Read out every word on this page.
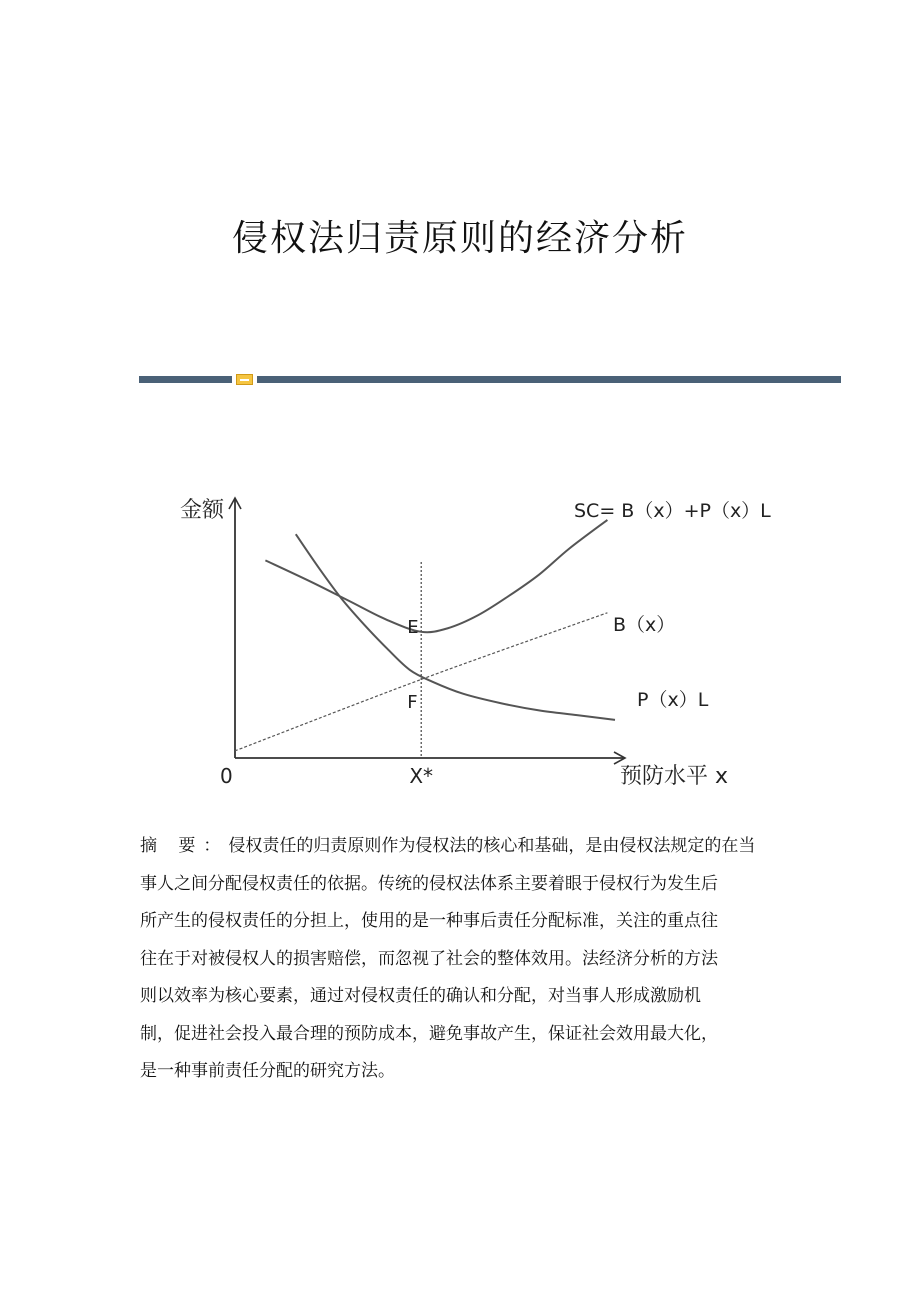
侵权法归责原则的经济分析
金额
0	X*	预防水平 x
E
F
SC= B（x）+P（x）L
B（x）
P（x）L
摘 要：侵权责任的归责原则作为侵权法的核心和基础，是由侵权法规定的在当
事人之间分配侵权责任的依据。传统的侵权法体系主要着眼于侵权行为发生后
所产生的侵权责任的分担上，使用的是一种事后责任分配标准，关注的重点往
往在于对被侵权人的损害赔偿，而忽视了社会的整体效用。法经济分析的方法
则以效率为核心要素，通过对侵权责任的确认和分配，对当事人形成激励机
制，促进社会投入最合理的预防成本，避免事故产生，保证社会效用最大化，
是一种事前责任分配的研究方法。
